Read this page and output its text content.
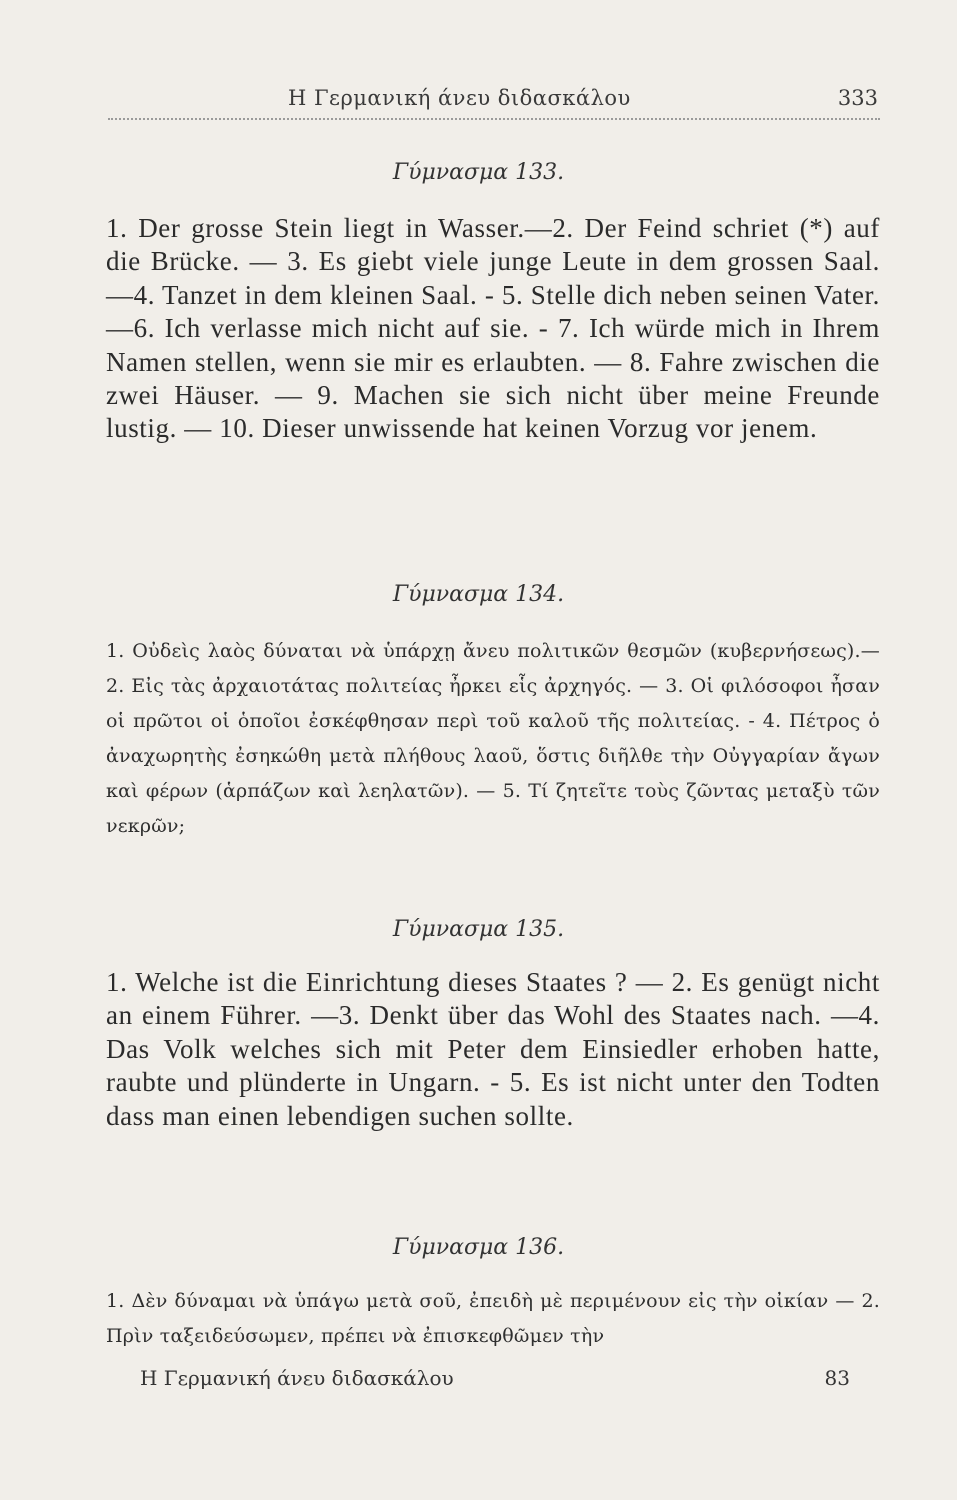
Η Γερμανική άνευ διδασκάλου	333
Γύμνασμα 133.
1. Der grosse Stein liegt in Wasser.—2. Der Feind schriet (*) auf die Brücke. — 3. Es giebt viele junge Leute in dem grossen Saal. —4. Tanzet in dem kleinen Saal. - 5. Stelle dich neben seinen Vater. —6. Ich verlasse mich nicht auf sie. - 7. Ich würde mich in Ihrem Namen stellen, wenn sie mir es erlaubten. — 8. Fahre zwischen die zwei Häuser. — 9. Machen sie sich nicht über meine Freunde lustig. — 10. Dieser unwissende hat keinen Vorzug vor jenem.
Γύμνασμα 134.
1. Οὐδεὶς λαὸς δύναται νὰ ὑπάρχῃ ἄνευ πολιτικῶν θεσμῶν (κυβερνήσεως).—2. Εἰς τὰς ἀρχαιοτάτας πολιτείας ἦρκει εἷς ἀρχηγός. — 3. Οἱ φιλόσοφοι ἦσαν οἱ πρῶτοι οἱ ὁποῖοι ἐσκέφθησαν περὶ τοῦ καλοῦ τῆς πολιτείας. - 4. Πέτρος ὁ ἀναχωρητὴς ἐσηκώθη μετὰ πλήθους λαοῦ, ὅστις διῆλθε τὴν Οὐγγαρίαν ἄγων καὶ φέρων (ἁρπάζων καὶ λεηλατῶν). — 5. Τί ζητεῖτε τοὺς ζῶντας μεταξὺ τῶν νεκρῶν;
Γύμνασμα 135.
1. Welche ist die Einrichtung dieses Staates ? — 2. Es genügt nicht an einem Führer. —3. Denkt über das Wohl des Staates nach. —4. Das Volk welches sich mit Peter dem Einsiedler erhoben hatte, raubte und plünderte in Ungarn. - 5. Es ist nicht unter den Todten dass man einen lebendigen suchen sollte.
Γύμνασμα 136.
1. Δὲν δύναμαι νὰ ὑπάγω μετὰ σοῦ, ἐπειδὴ μὲ περιμένουν εἰς τὴν οἰκίαν — 2. Πρὶν ταξειδεύσωμεν, πρέπει νὰ ἐπισκεφθῶμεν τὴν
Η Γερμανική άνευ διδασκάλου	83
